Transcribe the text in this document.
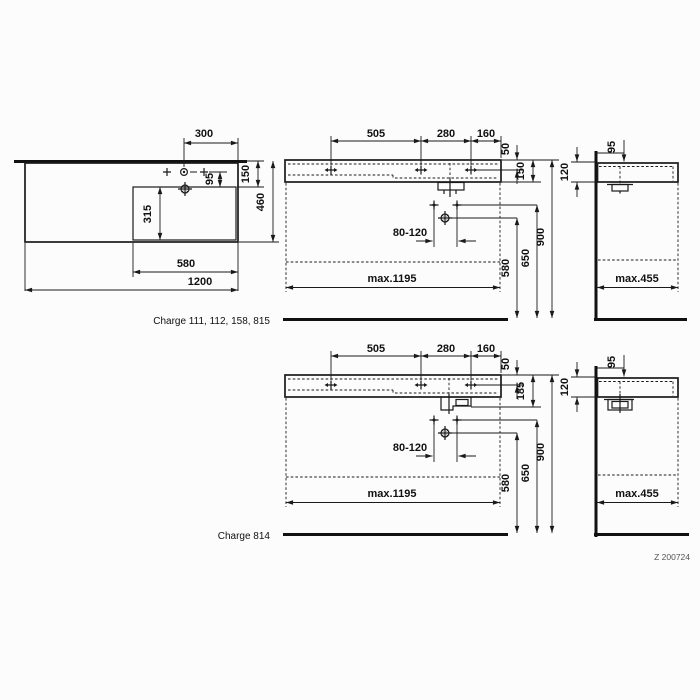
300
95 150
460
315
580
1200
505	280 160
50
150
80-120
580
650
900
max.1195
95
120
max.455
Charge 111, 112, 158, 815
505	280 160
50
185
80-120
580
650
900
max.1195
95
120
max.455
Charge 814
Z 200724
